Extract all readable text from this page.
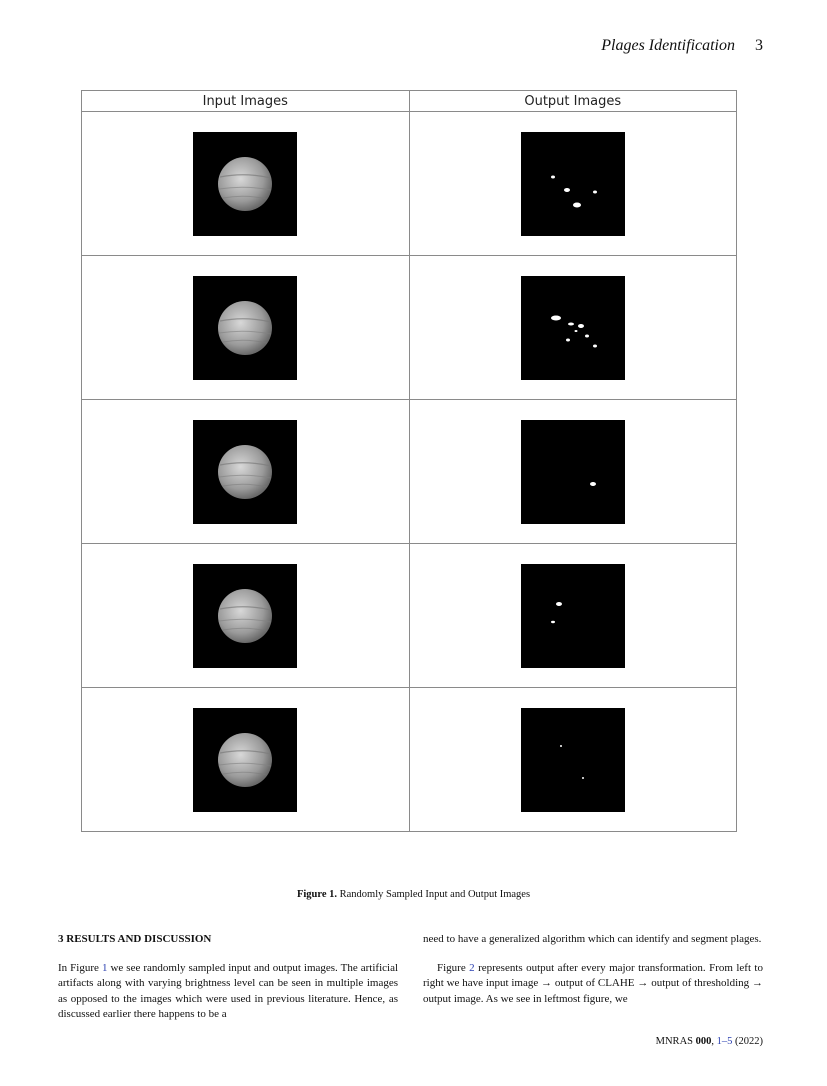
Plages Identification 3
Input Images	Output Images

Figure 1. Randomly Sampled Input and Output Images

3 RESULTS AND DISCUSSION

In Figure 1 we see randomly sampled input and output images. The artificial artifacts along with varying brightness level can be seen in multiple images as opposed to the images which were used in previous literature. Hence, as discussed earlier there happens to be a

need to have a generalized algorithm which can identify and segment plages.

Figure 2 represents output after every major transformation. From left to right we have input image → output of CLAHE → output of thresholding → output image. As we see in leftmost figure, we

MNRAS 000, 1–5 (2022)
